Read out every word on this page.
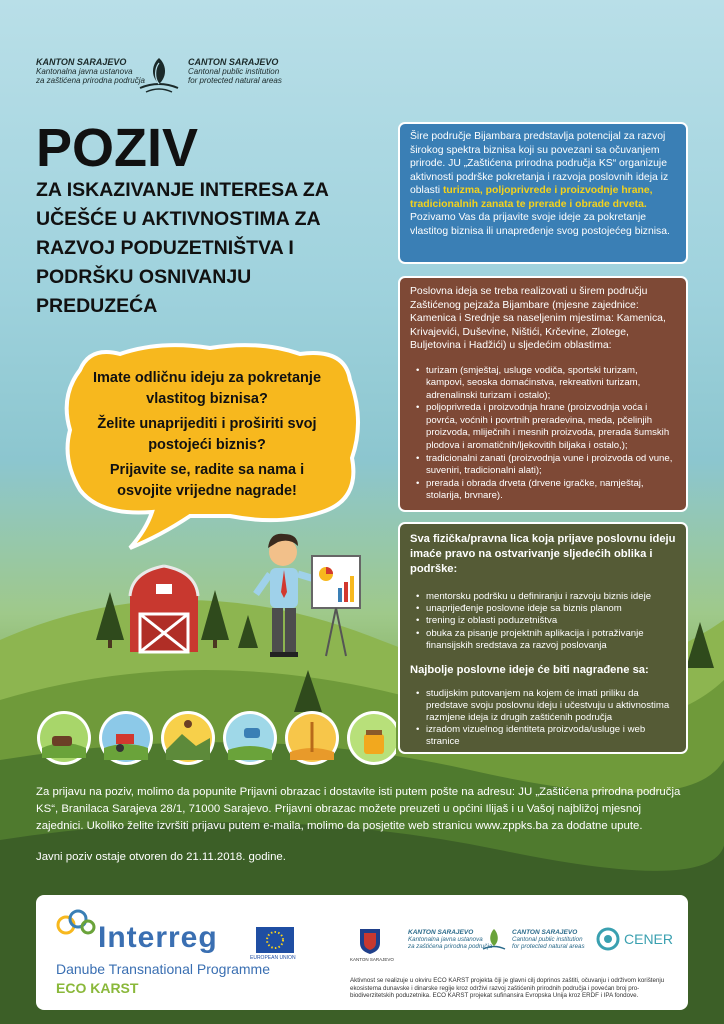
KANTON SARAJEVO
Kantonalna javna ustanova
za zaštićena prirodna područja
CANTON SARAJEVO
Cantonal public institution
for protected natural areas
POZIV
ZA ISKAZIVANJE INTERESA ZA UČEŠĆE U AKTIVNOSTIMA ZA RAZVOJ PODUZETNIŠTVA I PODRŠKU OSNIVANJU PREDUZEĆA
Imate odličnu ideju za pokretanje vlastitog biznisa?
Želite unaprijediti i proširiti svoj postojeći biznis?
Prijavite se, radite sa nama i osvojite vrijedne nagrade!
Šire područje Bijambara predstavlja potencijal za razvoj širokog spektra biznisa koji su povezani sa očuvanjem prirode. JU „Zaštićena prirodna područja KS“ organizuje aktivnosti podrške pokretanja i razvoja poslovnih ideja iz oblasti turizma, poljoprivrede i proizvodnje hrane, tradicionalnih zanata te prerade i obrade drveta. Pozivamo Vas da prijavite svoje ideje za pokretanje vlastitog biznisa ili unapređenje svog postojećeg biznisa.
Poslovna ideja se treba realizovati u širem području Zaštićenog pejzaža Bijambare (mjesne zajednice: Kamenica i Srednje sa naseljenim mjestima: Kamenica, Krivajevići, Duševine, Ništići, Krčevine, Zlotege, Buljetovina i Hadžići) u sljedećim oblastima:
• turizam (smještaj, usluge vodiča, sportski turizam, kampovi, seoska domaćinstva, rekreativni turizam, adrenalinski turizam i ostalo);
• poljoprivreda i proizvodnja hrane (proizvodnja voća i povrća, voćnih i povrtnih preradevina, meda, pčelinjih proizvoda, mliječnih i mesnih proizvoda, prerada šumskih plodova i aromatičnih/ljekovitih biljaka i ostalo,);
• tradicionalni zanati (proizvodnja vune i proizvoda od vune, suveniri, tradicionalni alati);
• prerada i obrada drveta (drvene igračke, namještaj, stolarija, brvnare).
Sva fizička/pravna lica koja prijave poslovnu ideju imaće pravo na ostvarivanje sljedećih oblika i podrške:
• mentorsku podršku u definiranju i razvoju biznis ideje
• unaprijeđenje poslovne ideje sa biznis planom
• trening iz oblasti poduzetništva
• obuka za pisanje projektnih aplikacija i potraživanje finansijskih sredstava za razvoj poslovanja
Najbolje poslovne ideje će biti nagrađene sa:
• studijskim putovanjem na kojem će imati priliku da predstave svoju poslovnu ideju i učestvuju u aktivnostima razmjene ideja iz drugih zaštićenih područja
• izradom vizuelnog identiteta proizvoda/usluge i web stranice
Za prijavu na poziv, molimo da popunite Prijavni obrazac i dostavite isti putem pošte na adresu: JU „Zaštićena prirodna područja KS“, Branilaca Sarajeva 28/1, 71000 Sarajevo. Prijavni obrazac možete preuzeti u općini Ilijaš i u Vašoj najbližoj mjesnoj zajednici. Ukoliko želite izvršiti prijavu putem e-maila, molimo da posjetite web stranicu www.zppks.ba za dodatne upute.
Javni poziv ostaje otvoren do 21.11.2018. godine.
Interreg
EUROPEAN UNION
Danube Transnational Programme
ECO KARST
KANTON SARAJEVO
KANTON SARAJEVO
Kantonalna javna ustanova
za zaštićena prirodna područja
CANTON SARAJEVO
Cantonal public institution
for protected natural areas	CENER
Aktivnost se realizuje u okviru ECO KARST projekta čiji je glavni cilj doprinos zaštiti, očuvanju i održivom korištenju ekosistema dunavske i dinarske regije kroz održivi razvoj zaštićenih prirodnih područja i povećan broj pro-biodiverzitetskih poduzetnika. ECO KARST projekat sufinansira Evropska Unija kroz ERDF i IPA fondove.
